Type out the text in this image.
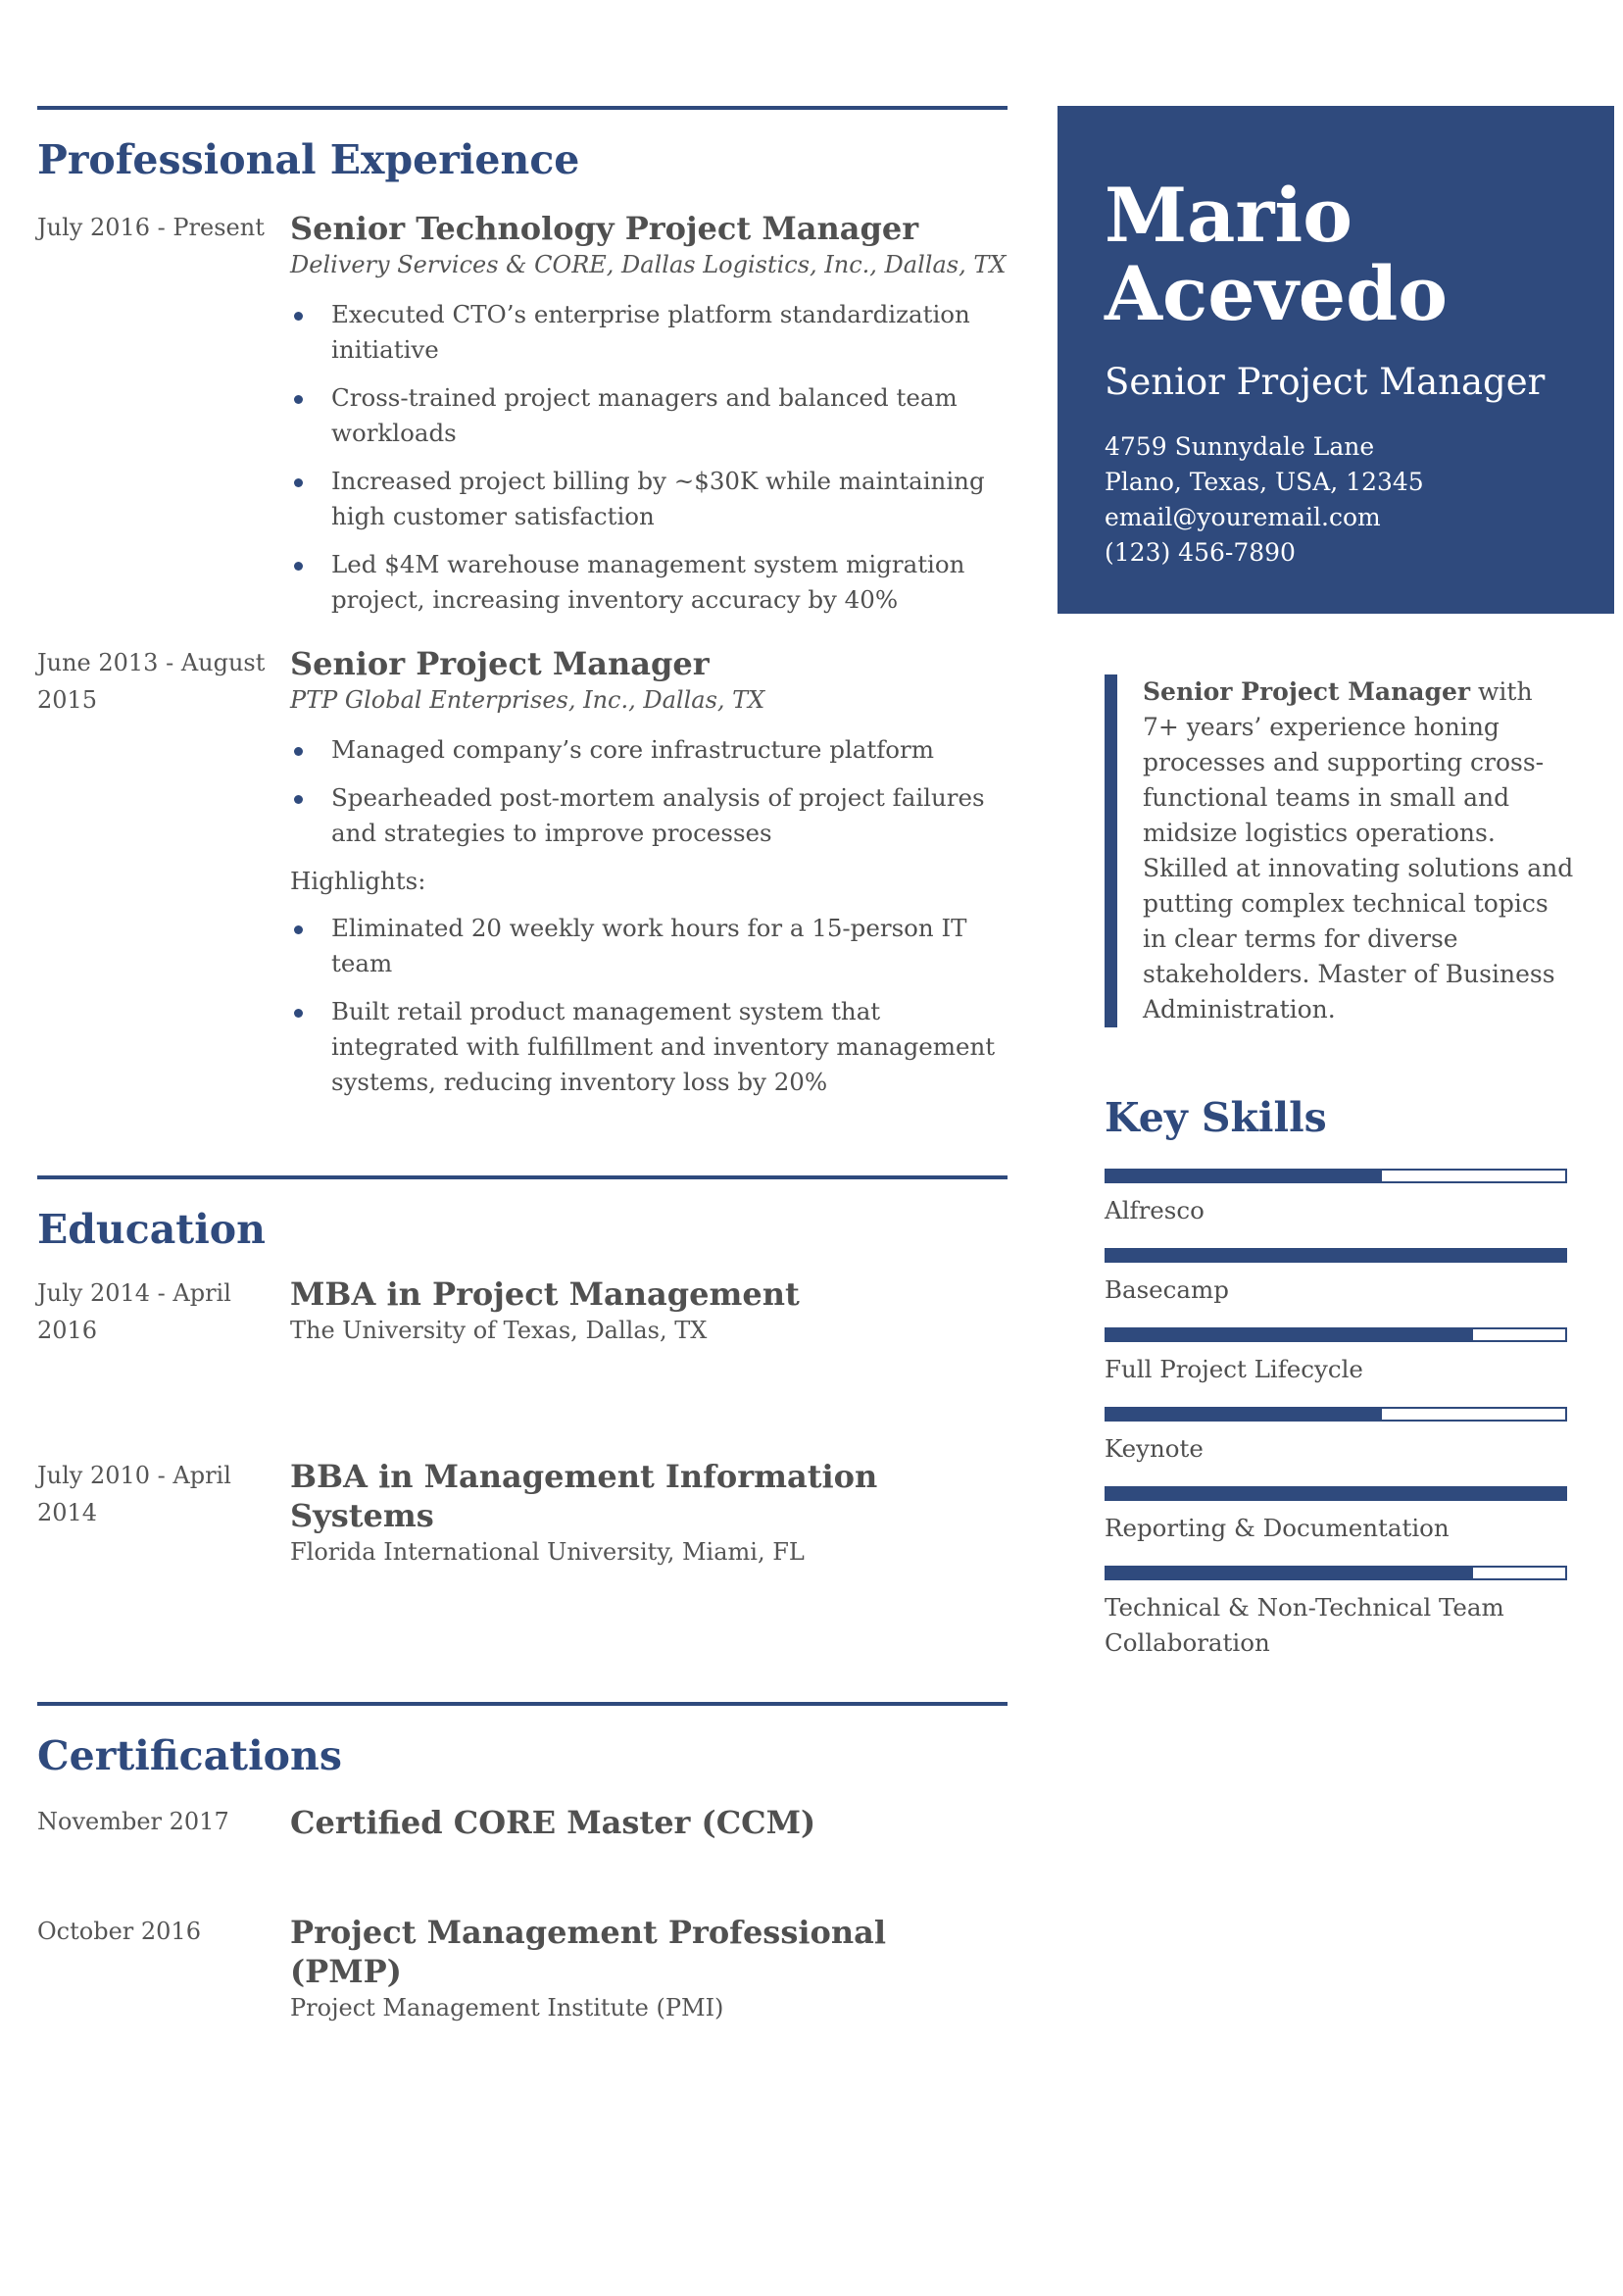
Professional Experience
July 2016 - Present Senior Technology Project Manager
Delivery Services & CORE, Dallas Logistics, Inc., Dallas, TX
Executed CTO’s enterprise platform standardization initiative
Cross-trained project managers and balanced team workloads
Increased project billing by ~$30K while maintaining high customer satisfaction
Led $4M warehouse management system migration project, increasing inventory accuracy by 40%
June 2013 - August 2015
Senior Project Manager
PTP Global Enterprises, Inc., Dallas, TX
Managed company’s core infrastructure platform
Spearheaded post-mortem analysis of project failures and strategies to improve processes
Highlights:
Eliminated 20 weekly work hours for a 15-person IT team
Built retail product management system that integrated with fulfillment and inventory management systems, reducing inventory loss by 20%
Education
July 2014 - April 2016
MBA in Project Management
The University of Texas, Dallas, TX
July 2010 - April 2014
BBA in Management Information Systems
Florida International University, Miami, FL
Certifications
November 2017	Certified CORE Master (CCM)
October 2016	Project Management Professional (PMP)
Project Management Institute (PMI)
Mario
Acevedo
Senior Project Manager
4759 Sunnydale Lane
Plano, Texas, USA, 12345
email@youremail.com
(123) 456-7890
Senior Project Manager with 7+ years’ experience honing processes and supporting cross-functional teams in small and midsize logistics operations. Skilled at innovating solutions and putting complex technical topics in clear terms for diverse stakeholders. Master of Business Administration.
Key Skills
Alfresco
Basecamp
Full Project Lifecycle
Keynote
Reporting & Documentation
Technical & Non-Technical Team Collaboration
